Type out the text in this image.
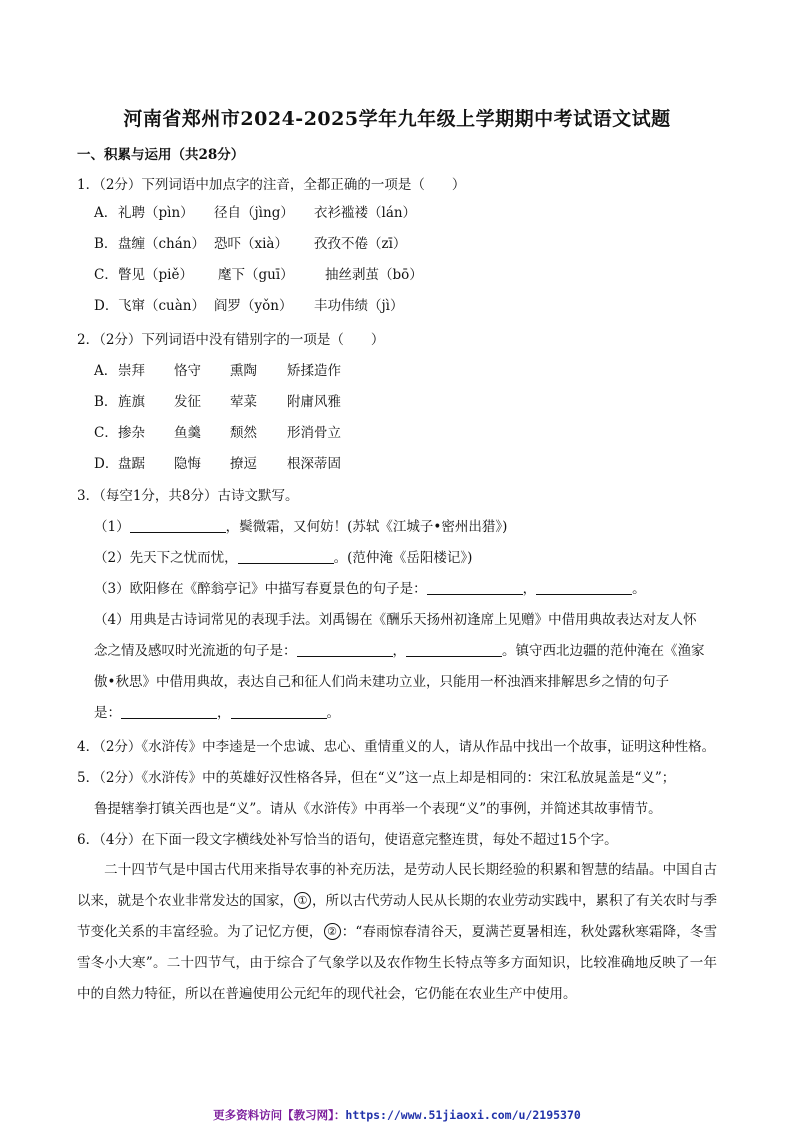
河南省郑州市2024-2025学年九年级上学期期中考试语文试题
一、积累与运用（共28分）
1．（2分）下列词语中加点字的注音，全都正确的一项是（　　）
A． 礼聘（pìn） 径自（jìng） 衣衫褴褛（lán）
B． 盘缠（chán） 恐吓（xià） 孜孜不倦（zī）
C． 瞥见（piě） 麾下（guī） 抽丝剥茧（bō）
D． 飞窜（cuàn） 阎罗（yǒn） 丰功伟绩（jì）
2．（2分）下列词语中没有错别字的一项是（　　）
A． 崇拜 恪守 熏陶 矫揉造作
B． 旌旗 发征 荤菜 附庸风雅
C． 掺杂 鱼羹 颓然 形消骨立
D． 盘踞 隐悔 撩逗 根深蒂固
3．（每空1分，共8分）古诗文默写。
（1）	，鬓微霜，又何妨！(苏轼《江城子•密州出猎》)
（2）先天下之忧而忧，	。(范仲淹《岳阳楼记》)
（3）欧阳修在《醉翁亭记》中描写春夏景色的句子是：	，	。
（4）用典是古诗词常见的表现手法。刘禹锡在《酬乐天扬州初逢席上见赠》中借用典故表达对友人怀
念之情及感叹时光流逝的句子是：	，	。镇守西北边疆的范仲淹在《渔家
傲•秋思》中借用典故，表达自己和征人们尚未建功立业，只能用一杯浊酒来排解思乡之情的句子
是：	，	。
4．（2分）《水浒传》中李逵是一个忠诚、忠心、重情重义的人，请从作品中找出一个故事，证明这种性格。
5．（2分）《水浒传》中的英雄好汉性格各异，但在“义”这一点上却是相同的：宋江私放晁盖是“义”；
鲁提辖拳打镇关西也是“义”。请从《水浒传》中再举一个表现“义”的事例，并简述其故事情节。
6．（4分）在下面一段文字横线处补写恰当的语句，使语意完整连贯，每处不超过15个字。
二十四节气是中国古代用来指导农事的补充历法，是劳动人民长期经验的积累和智慧的结晶。中国自古以来，就是个农业非常发达的国家， ① ，所以古代劳动人民从长期的农业劳动实践中，累积了有关农时与季节变化关系的丰富经验。为了记忆方便， ② ：“春雨惊春清谷天，夏满芒夏暑相连，秋处露秋寒霜降，冬雪雪冬小大寒”。二十四节气，由于综合了气象学以及农作物生长特点等多方面知识，比较准确地反映了一年中的自然力特征，所以在普遍使用公元纪年的现代社会，它仍能在农业生产中使用。
更多资料访问【教习网】：https://www.51jiaoxi.com/u/2195370
